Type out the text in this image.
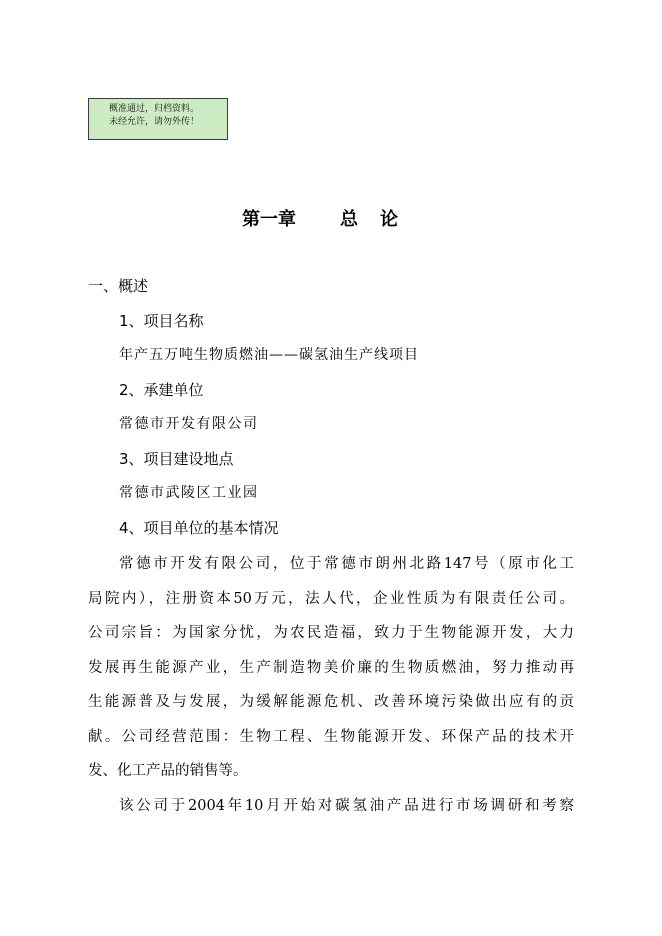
概准通过，归档资料。
未经允许，请勿外传！
第一章 总论
一、概述
1、项目名称
年产五万吨生物质燃油——碳氢油生产线项目
2、承建单位
常德市开发有限公司
3、项目建设地点
常德市武陵区工业园
4、项目单位的基本情况
常德市开发有限公司，位于常德市朗州北路147号（原市化工
局院内），注册资本50万元，法人代，企业性质为有限责任公司。
公司宗旨：为国家分忧，为农民造福，致力于生物能源开发，大力
发展再生能源产业，生产制造物美价廉的生物质燃油，努力推动再
生能源普及与发展，为缓解能源危机、改善环境污染做出应有的贡
献。公司经营范围：生物工程、生物能源开发、环保产品的技术开
发、化工产品的销售等。
该公司于2004年10月开始对碳氢油产品进行市场调研和考察
